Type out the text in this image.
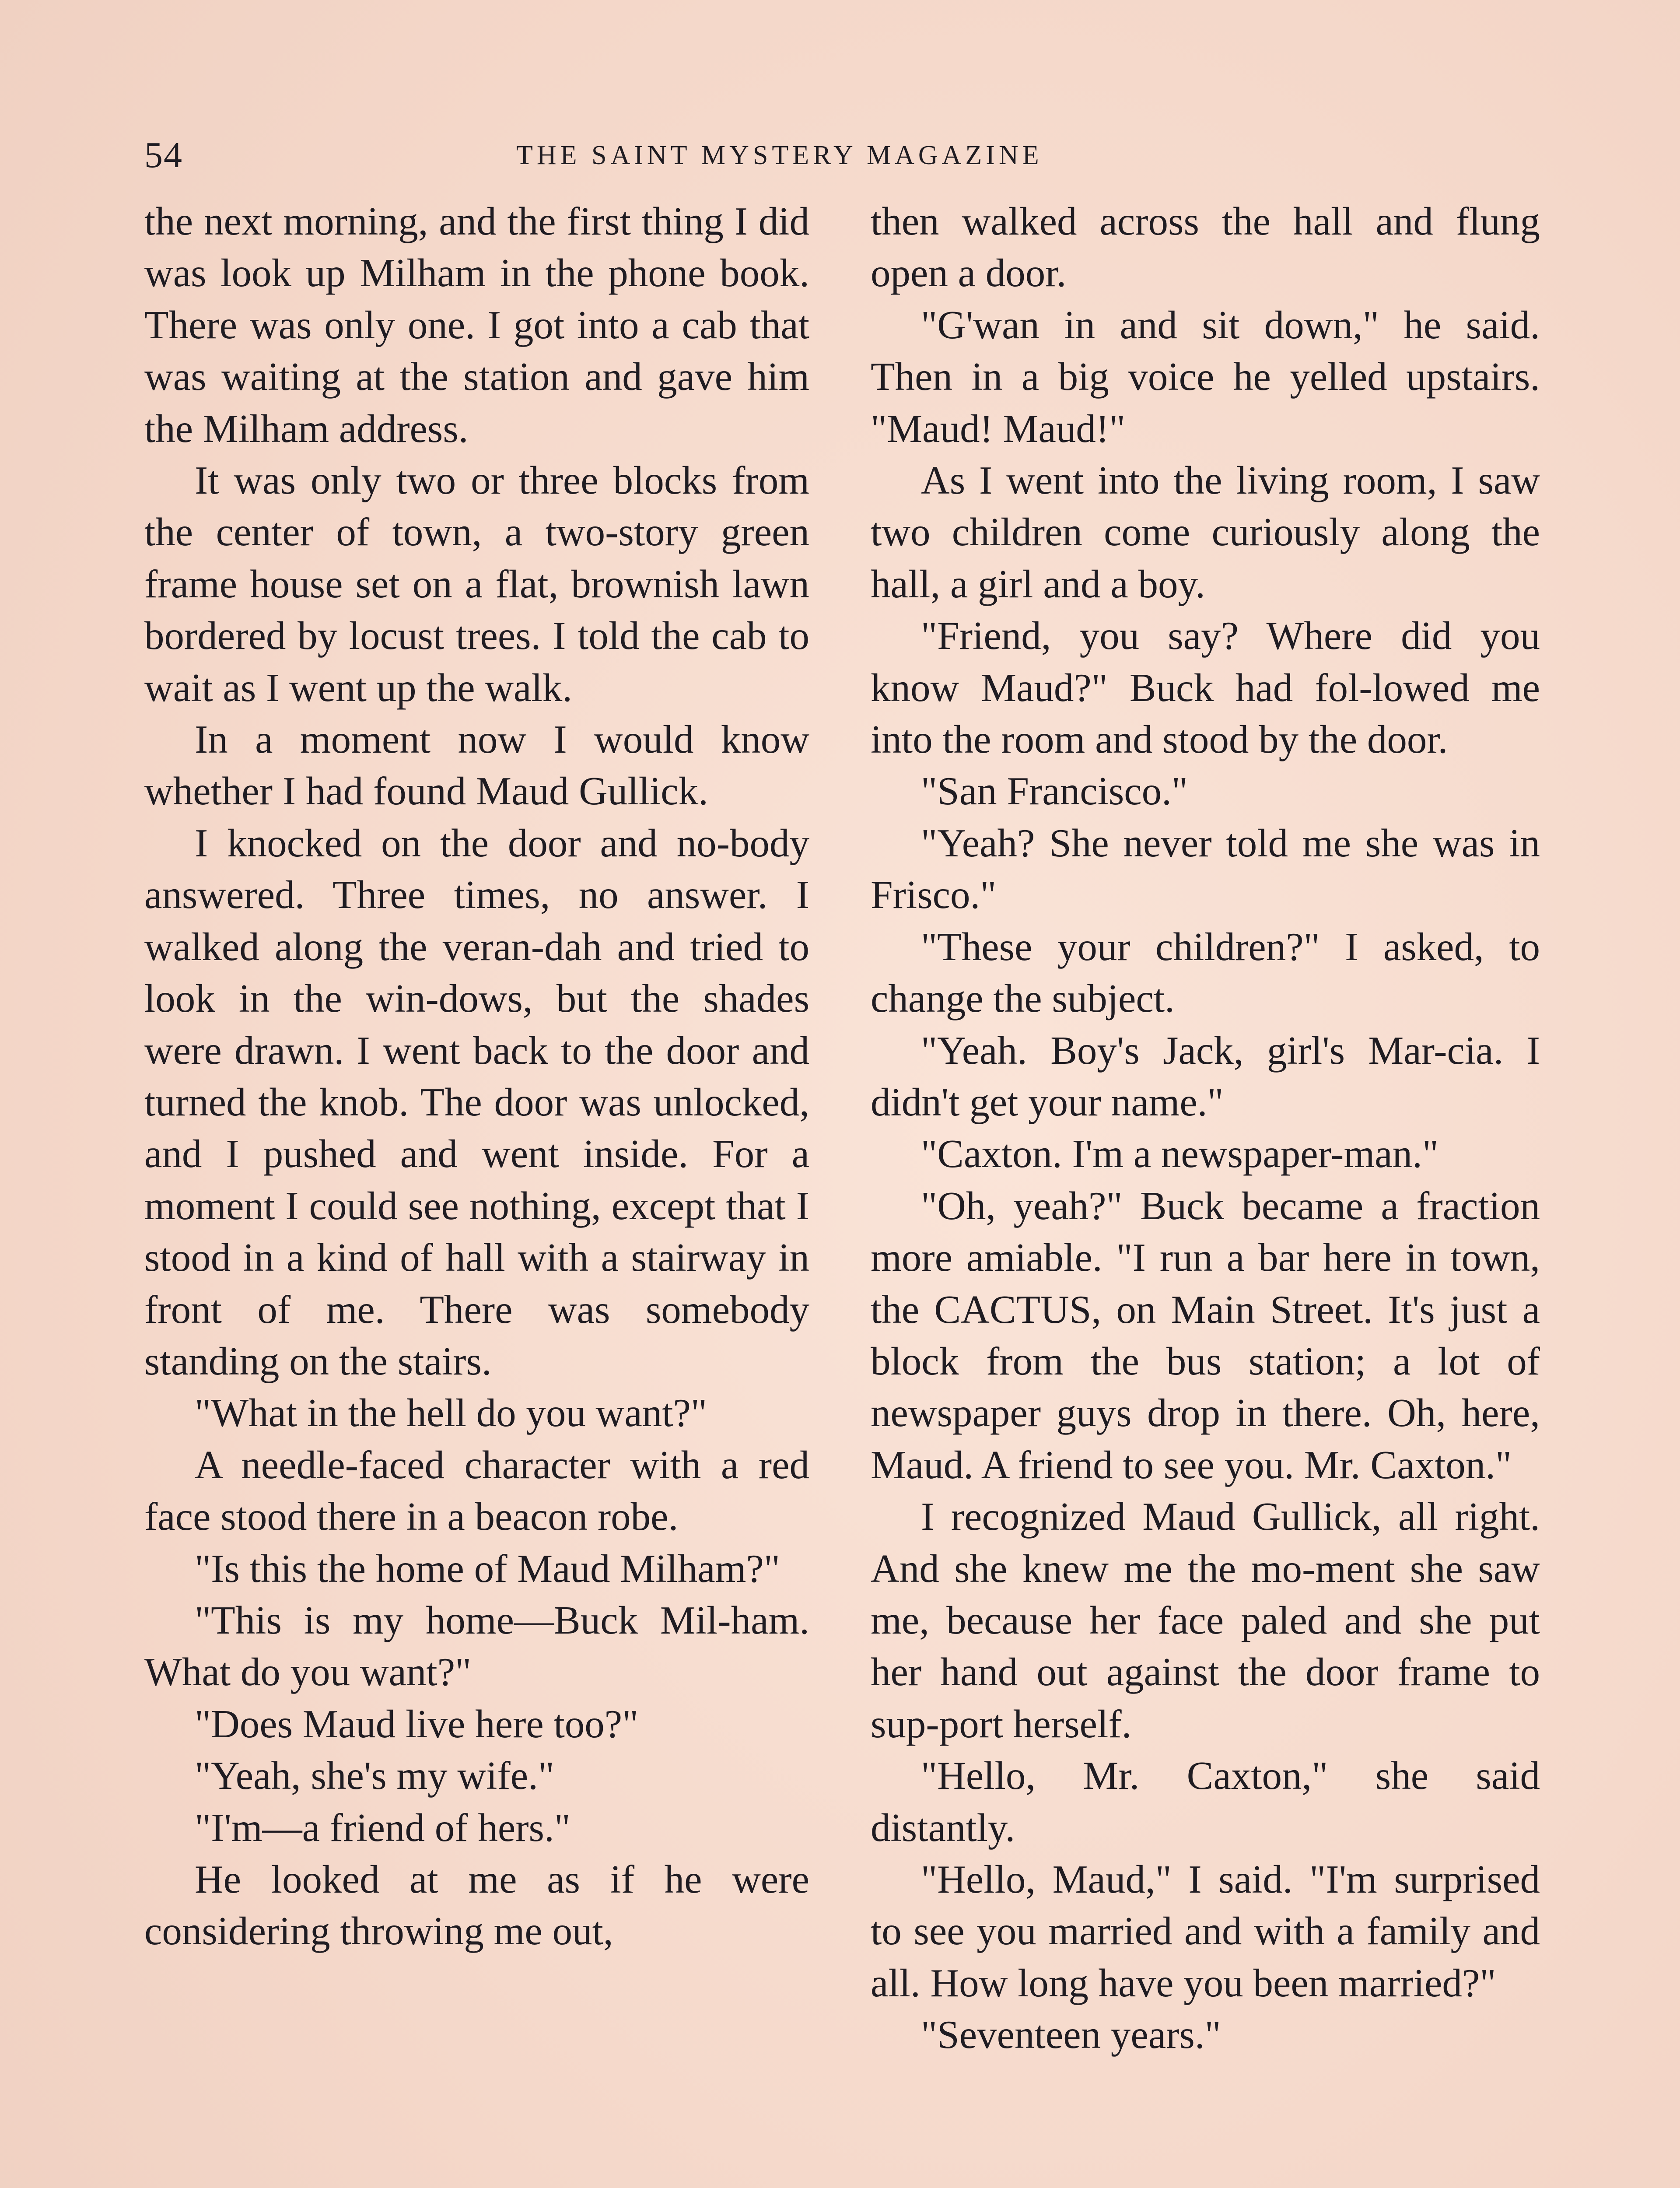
54	THE SAINT MYSTERY MAGAZINE

the next morning, and the first thing I did was look up Milham in the phone book. There was only one. I got into a cab that was waiting at the station and gave him the Milham address.

It was only two or three blocks from the center of town, a two-story green frame house set on a flat, brownish lawn bordered by locust trees. I told the cab to wait as I went up the walk.

In a moment now I would know whether I had found Maud Gullick.

I knocked on the door and no-body answered. Three times, no answer. I walked along the veran-dah and tried to look in the win-dows, but the shades were drawn. I went back to the door and turned the knob. The door was unlocked, and I pushed and went inside. For a moment I could see nothing, except that I stood in a kind of hall with a stairway in front of me. There was somebody standing on the stairs.

"What in the hell do you want?"

A needle-faced character with a red face stood there in a beacon robe.

"Is this the home of Maud Milham?"

"This is my home—Buck Mil-ham. What do you want?"

"Does Maud live here too?"

"Yeah, she's my wife."

"I'm—a friend of hers."

He looked at me as if he were considering throwing me out,

then walked across the hall and flung open a door.

"G'wan in and sit down," he said. Then in a big voice he yelled upstairs. "Maud! Maud!"

As I went into the living room, I saw two children come curiously along the hall, a girl and a boy.

"Friend, you say? Where did you know Maud?" Buck had fol-lowed me into the room and stood by the door.

"San Francisco."

"Yeah? She never told me she was in Frisco."

"These your children?" I asked, to change the subject.

"Yeah. Boy's Jack, girl's Mar-cia. I didn't get your name."

"Caxton. I'm a newspaper-man."

"Oh, yeah?" Buck became a fraction more amiable. "I run a bar here in town, the CACTUS, on Main Street. It's just a block from the bus station; a lot of newspaper guys drop in there. Oh, here, Maud. A friend to see you. Mr. Caxton."

I recognized Maud Gullick, all right. And she knew me the mo-ment she saw me, because her face paled and she put her hand out against the door frame to sup-port herself.

"Hello, Mr. Caxton," she said distantly.

"Hello, Maud," I said. "I'm surprised to see you married and with a family and all. How long have you been married?"

"Seventeen years."
